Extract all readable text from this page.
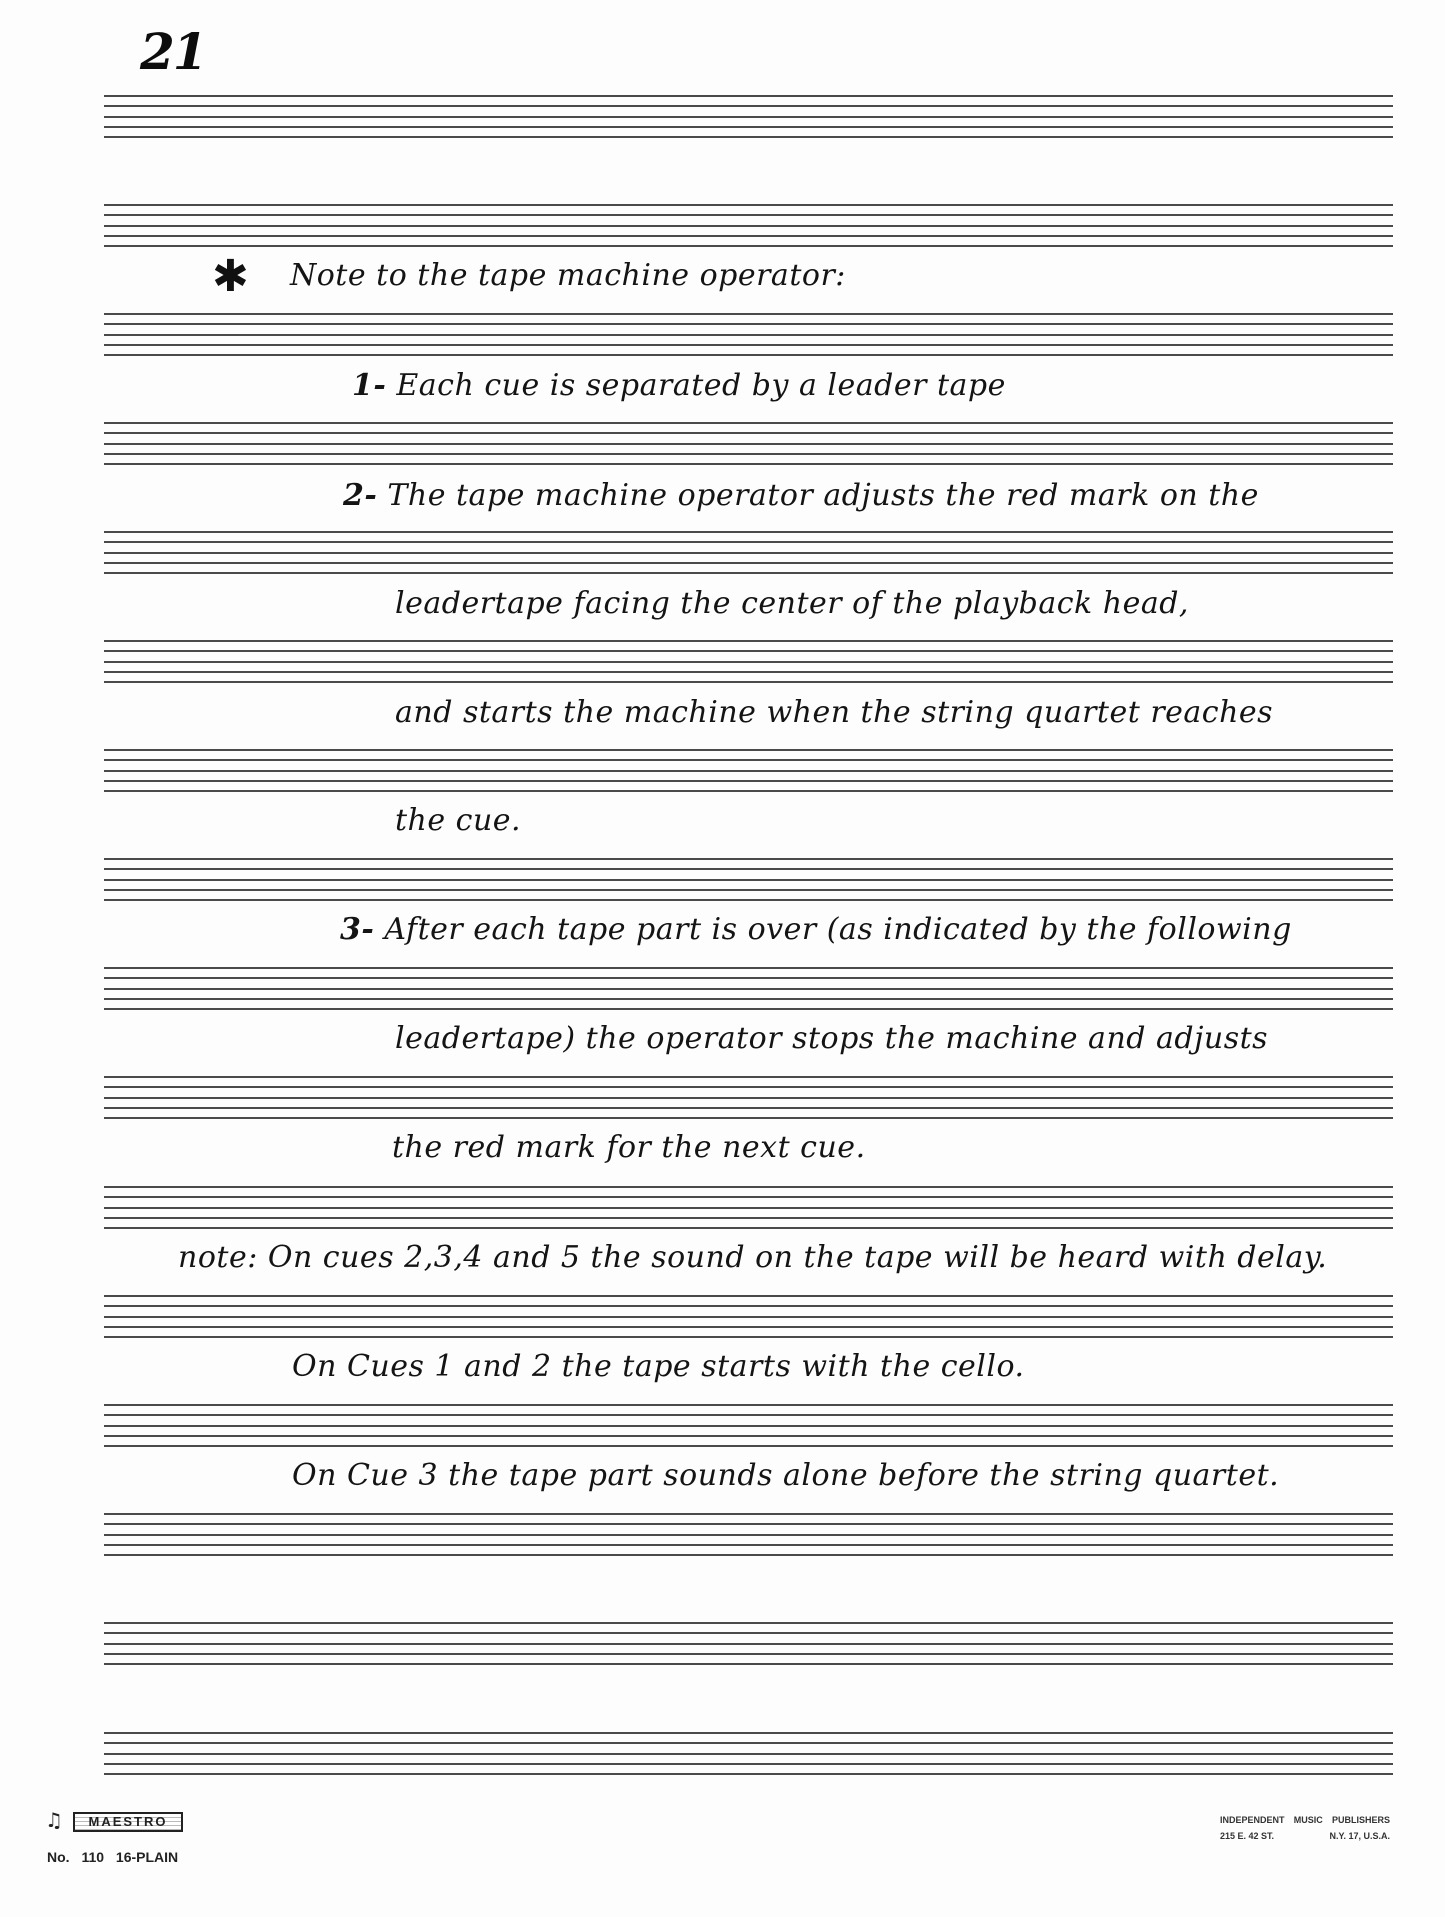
21
✱ Note to the tape machine operator:
1- Each cue is separated by a leader tape
2- The tape machine operator adjusts the red mark on the
leadertape facing the center of the playback head,
and starts the machine when the string quartet reaches
the cue.
3- After each tape part is over (as indicated by the following
leadertape) the operator stops the machine and adjusts
the red mark for the next cue.
note: On cues 2,3,4 and 5 the sound on the tape will be heard with delay.
On Cues 1 and 2 the tape starts with the cello.
On Cue 3 the tape part sounds alone before the string quartet.
♫	MAESTRO
No. 110 16-PLAIN
INDEPENDENT MUSIC PUBLISHERS
215 E. 42 ST.	N.Y. 17, U.S.A.
